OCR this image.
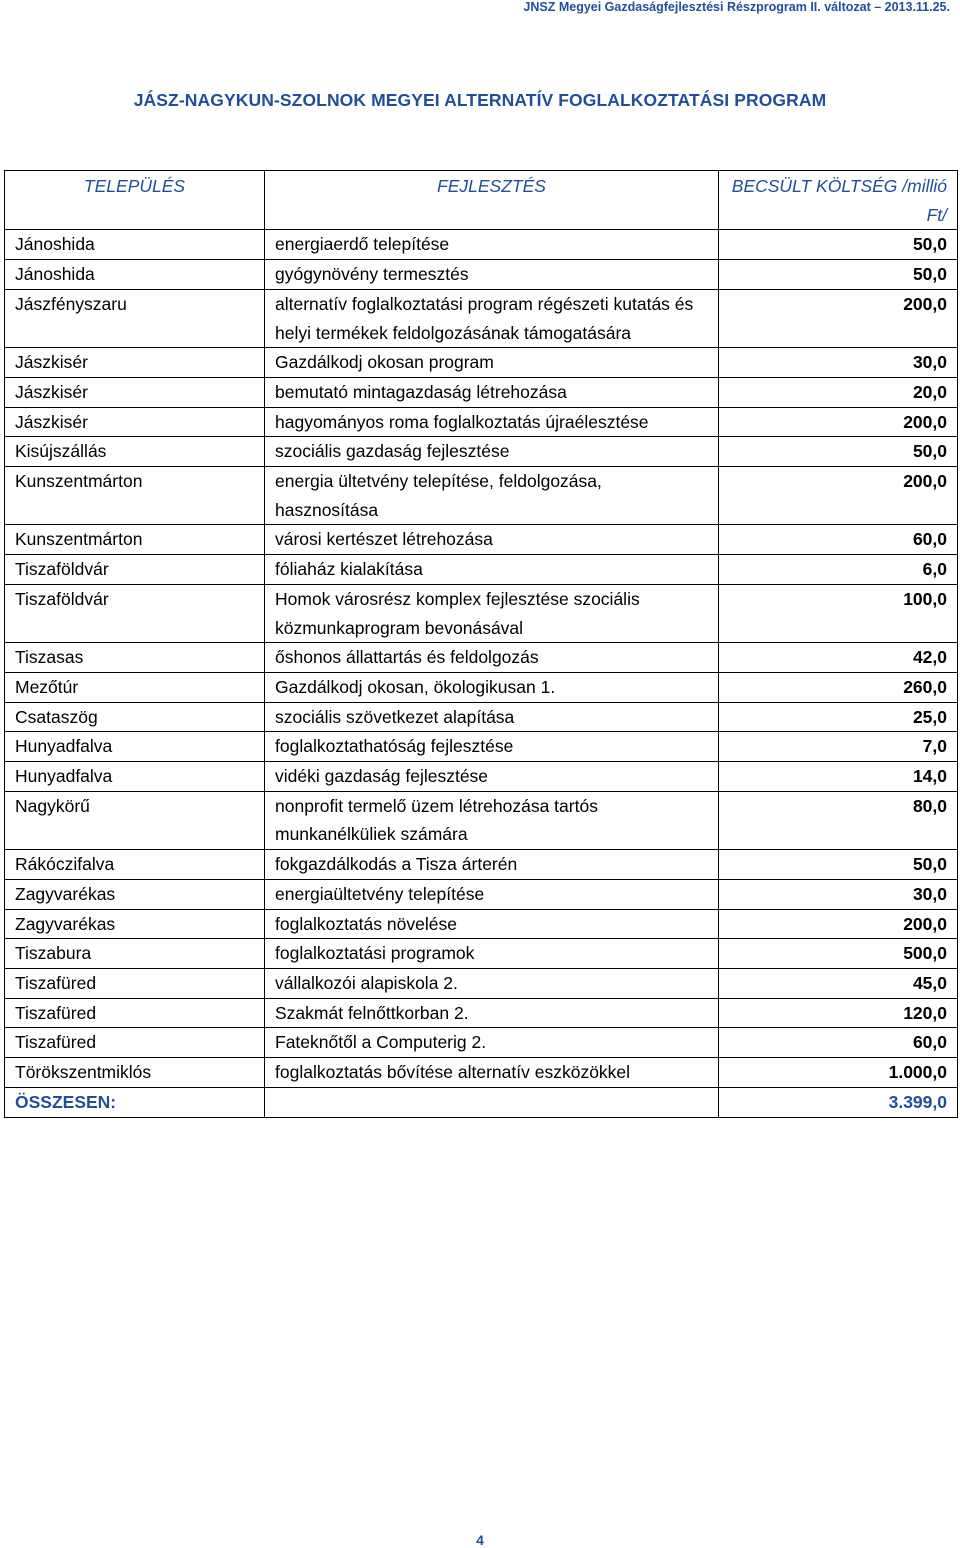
JNSZ Megyei Gazdaságfejlesztési Részprogram II. változat – 2013.11.25.
JÁSZ-NAGYKUN-SZOLNOK MEGYEI ALTERNATÍV FOGLALKOZTATÁSI PROGRAM
TELEPÜLÉS	FEJLESZTÉS	BECSÜLT KÖLTSÉG /millió Ft/
Jánoshida	energiaerdő telepítése	50,0
Jánoshida	gyógynövény termesztés	50,0
Jászfényszaru	alternatív foglalkoztatási program régészeti kutatás és helyi termékek feldolgozásának támogatására	200,0
Jászkisér	Gazdálkodj okosan program	30,0
Jászkisér	bemutató mintagazdaság létrehozása	20,0
Jászkisér	hagyományos roma foglalkoztatás újraélesztése	200,0
Kisújszállás	szociális gazdaság fejlesztése	50,0
Kunszentmárton	energia ültetvény telepítése, feldolgozása, hasznosítása	200,0
Kunszentmárton	városi kertészet létrehozása	60,0
Tiszaföldvár	fóliaház kialakítása	6,0
Tiszaföldvár	Homok városrész komplex fejlesztése szociális közmunkaprogram bevonásával	100,0
Tiszasas	őshonos állattartás és feldolgozás	42,0
Mezőtúr	Gazdálkodj okosan, ökologikusan 1.	260,0
Csataszög	szociális szövetkezet alapítása	25,0
Hunyadfalva	foglalkoztathatóság fejlesztése	7,0
Hunyadfalva	vidéki gazdaság fejlesztése	14,0
Nagykörű	nonprofit termelő üzem létrehozása tartós munkanélküliek számára	80,0
Rákóczifalva	fokgazdálkodás a Tisza árterén	50,0
Zagyvarékas	energiaültetvény telepítése	30,0
Zagyvarékas	foglalkoztatás növelése	200,0
Tiszabura	foglalkoztatási programok	500,0
Tiszafüred	vállalkozói alapiskola 2.	45,0
Tiszafüred	Szakmát felnőttkorban 2.	120,0
Tiszafüred	Fateknőtől a Computerig 2.	60,0
Törökszentmiklós	foglalkoztatás bővítése alternatív eszközökkel	1.000,0
ÖSSZESEN:		3.399,0
4
